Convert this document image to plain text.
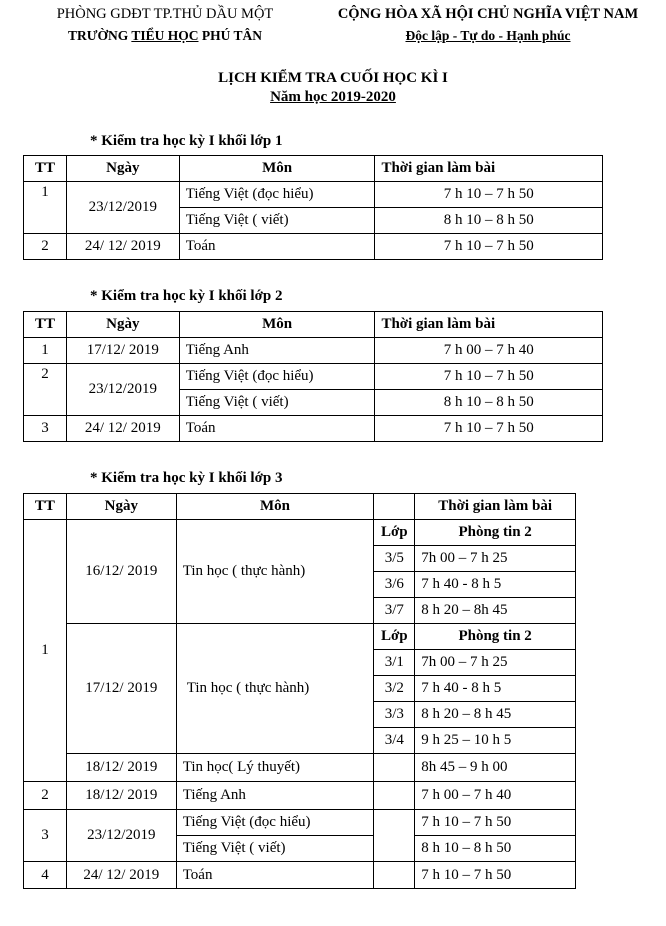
PHÒNG GDĐT TP.THỦ DẦU MỘT
TRƯỜNG TIỂU HỌC PHÚ TÂN
CỘNG HÒA XÃ HỘI CHỦ NGHĨA VIỆT NAM
Độc lập - Tự do - Hạnh phúc
LỊCH KIỂM TRA CUỐI HỌC KÌ I
Năm học 2019-2020
* Kiểm tra học kỳ I khối lớp 1
TT	Ngày	Môn	Thời gian làm bài
1	23/12/2019	Tiếng Việt (đọc hiểu)	7 h 10 – 7 h 50
		Tiếng Việt ( viết)	8 h 10 – 8 h 50
2	24/ 12/ 2019	Toán	7 h 10 – 7 h 50
* Kiểm tra học kỳ I khối lớp 2
TT	Ngày	Môn	Thời gian làm bài
1	17/12/ 2019	Tiếng Anh	7 h 00 – 7 h 40
2	23/12/2019	Tiếng Việt (đọc hiểu)	7 h 10 – 7 h 50
		Tiếng Việt ( viết)	8 h 10 – 8 h 50
3	24/ 12/ 2019	Toán	7 h 10 – 7 h 50
* Kiểm tra học kỳ I khối lớp 3
TT	Ngày	Môn		Thời gian làm bài
1	16/12/ 2019	Tin học ( thực hành)	Lớp	Phòng tin 2
			3/5	7h 00 – 7 h 25
			3/6	7 h 40 - 8 h 5
			3/7	8 h 20 – 8h 45
	17/12/ 2019	Tin học ( thực hành)	Lớp	Phòng tin 2
			3/1	7h 00 – 7 h 25
			3/2	7 h 40 - 8 h 5
			3/3	8 h 20 – 8 h 45
			3/4	9 h 25 – 10 h 5
	18/12/ 2019	Tin học( Lý thuyết)		8h 45 – 9 h 00
2	18/12/ 2019	Tiếng Anh		7 h 00 – 7 h 40
3	23/12/2019	Tiếng Việt (đọc hiểu)		7 h 10 – 7 h 50
		Tiếng Việt ( viết)		8 h 10 – 8 h 50
4	24/ 12/ 2019	Toán		7 h 10 – 7 h 50
